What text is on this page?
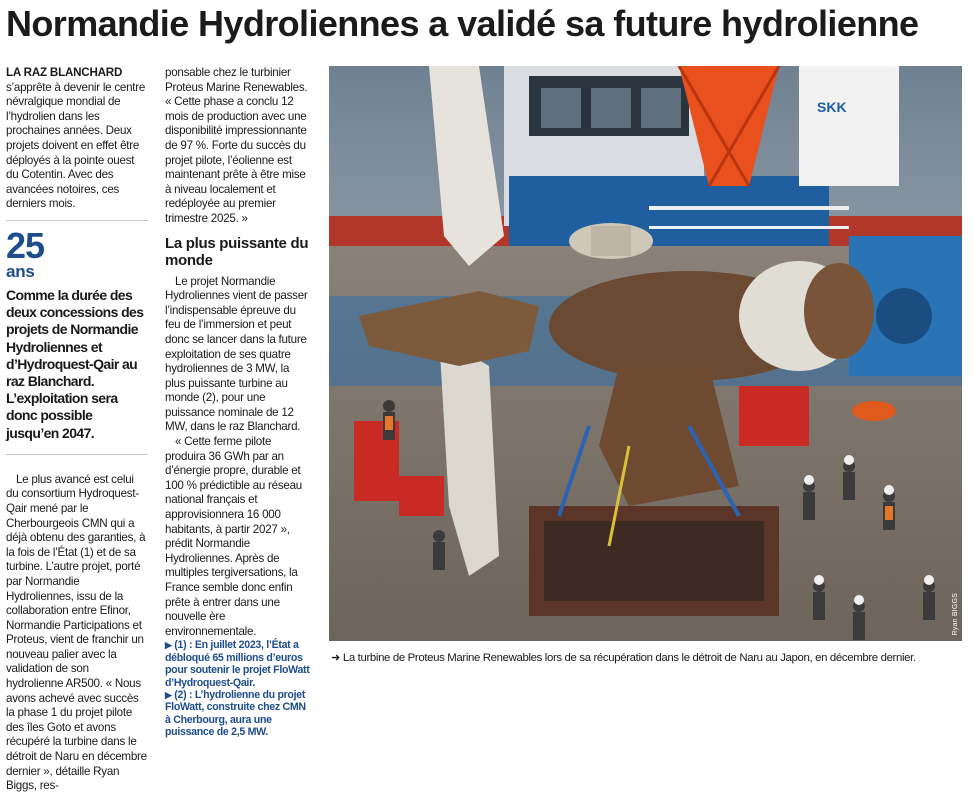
Normandie Hydroliennes a validé sa future hydrolienne

LA RAZ BLANCHARD s’apprête à devenir le centre névralgique mondial de l’hydrolien dans les prochaines années. Deux projets doivent en effet être déployés à la pointe ouest du Cotentin. Avec des avancées notoires, ces derniers mois.

25
ans

Comme la durée des deux concessions des projets de Normandie Hydroliennes et d’Hydroquest-Qair au raz Blanchard. L’exploitation sera donc possible jusqu’en 2047.

Le plus avancé est celui du consortium Hydroquest-Qair mené par le Cherbourgeois CMN qui a déjà obtenu des garanties, à la fois de l’État (1) et de sa turbine. L’autre projet, porté par Normandie Hydroliennes, issu de la collaboration entre Efinor, Normandie Participations et Proteus, vient de franchir un nouveau palier avec la validation de son hydrolienne AR500. « Nous avons achevé avec succès la phase 1 du projet pilote des îles Goto et avons récupéré la turbine dans le détroit de Naru en décembre dernier », détaille Ryan Biggs, res-

ponsable chez le turbinier Proteus Marine Renewables. « Cette phase a conclu 12 mois de production avec une disponibilité impressionnante de 97 %. Forte du succès du projet pilote, l’éolienne est maintenant prête à être mise à niveau localement et redéployée au premier trimestre 2025. »

La plus puissante du monde

Le projet Normandie Hydroliennes vient de passer l’indispensable épreuve du feu de l’immersion et peut donc se lancer dans la future exploitation de ses quatre hydroliennes de 3 MW, la plus puissante turbine au monde (2), pour une puissance nominale de 12 MW, dans le raz Blanchard.

« Cette ferme pilote produira 36 GWh par an d’énergie propre, durable et 100 % prédictible au réseau national français et approvisionnera 16 000 habitants, à partir 2027 », prédit Normandie Hydroliennes. Après de multiples tergiversations, la France semble donc enfin prête à entrer dans une nouvelle ère environnementale.

▶ (1) : En juillet 2023, l’État a débloqué 65 millions d’euros pour soutenir le projet FloWatt d’Hydroquest-Qair.

▶ (2) : L’hydrolienne du projet FloWatt, construite chez CMN à Cherbourg, aura une puissance de 2,5 MW.

SKK
Ryan BIGGS
➜ La turbine de Proteus Marine Renewables lors de sa récupération dans le détroit de Naru au Japon, en décembre dernier.
